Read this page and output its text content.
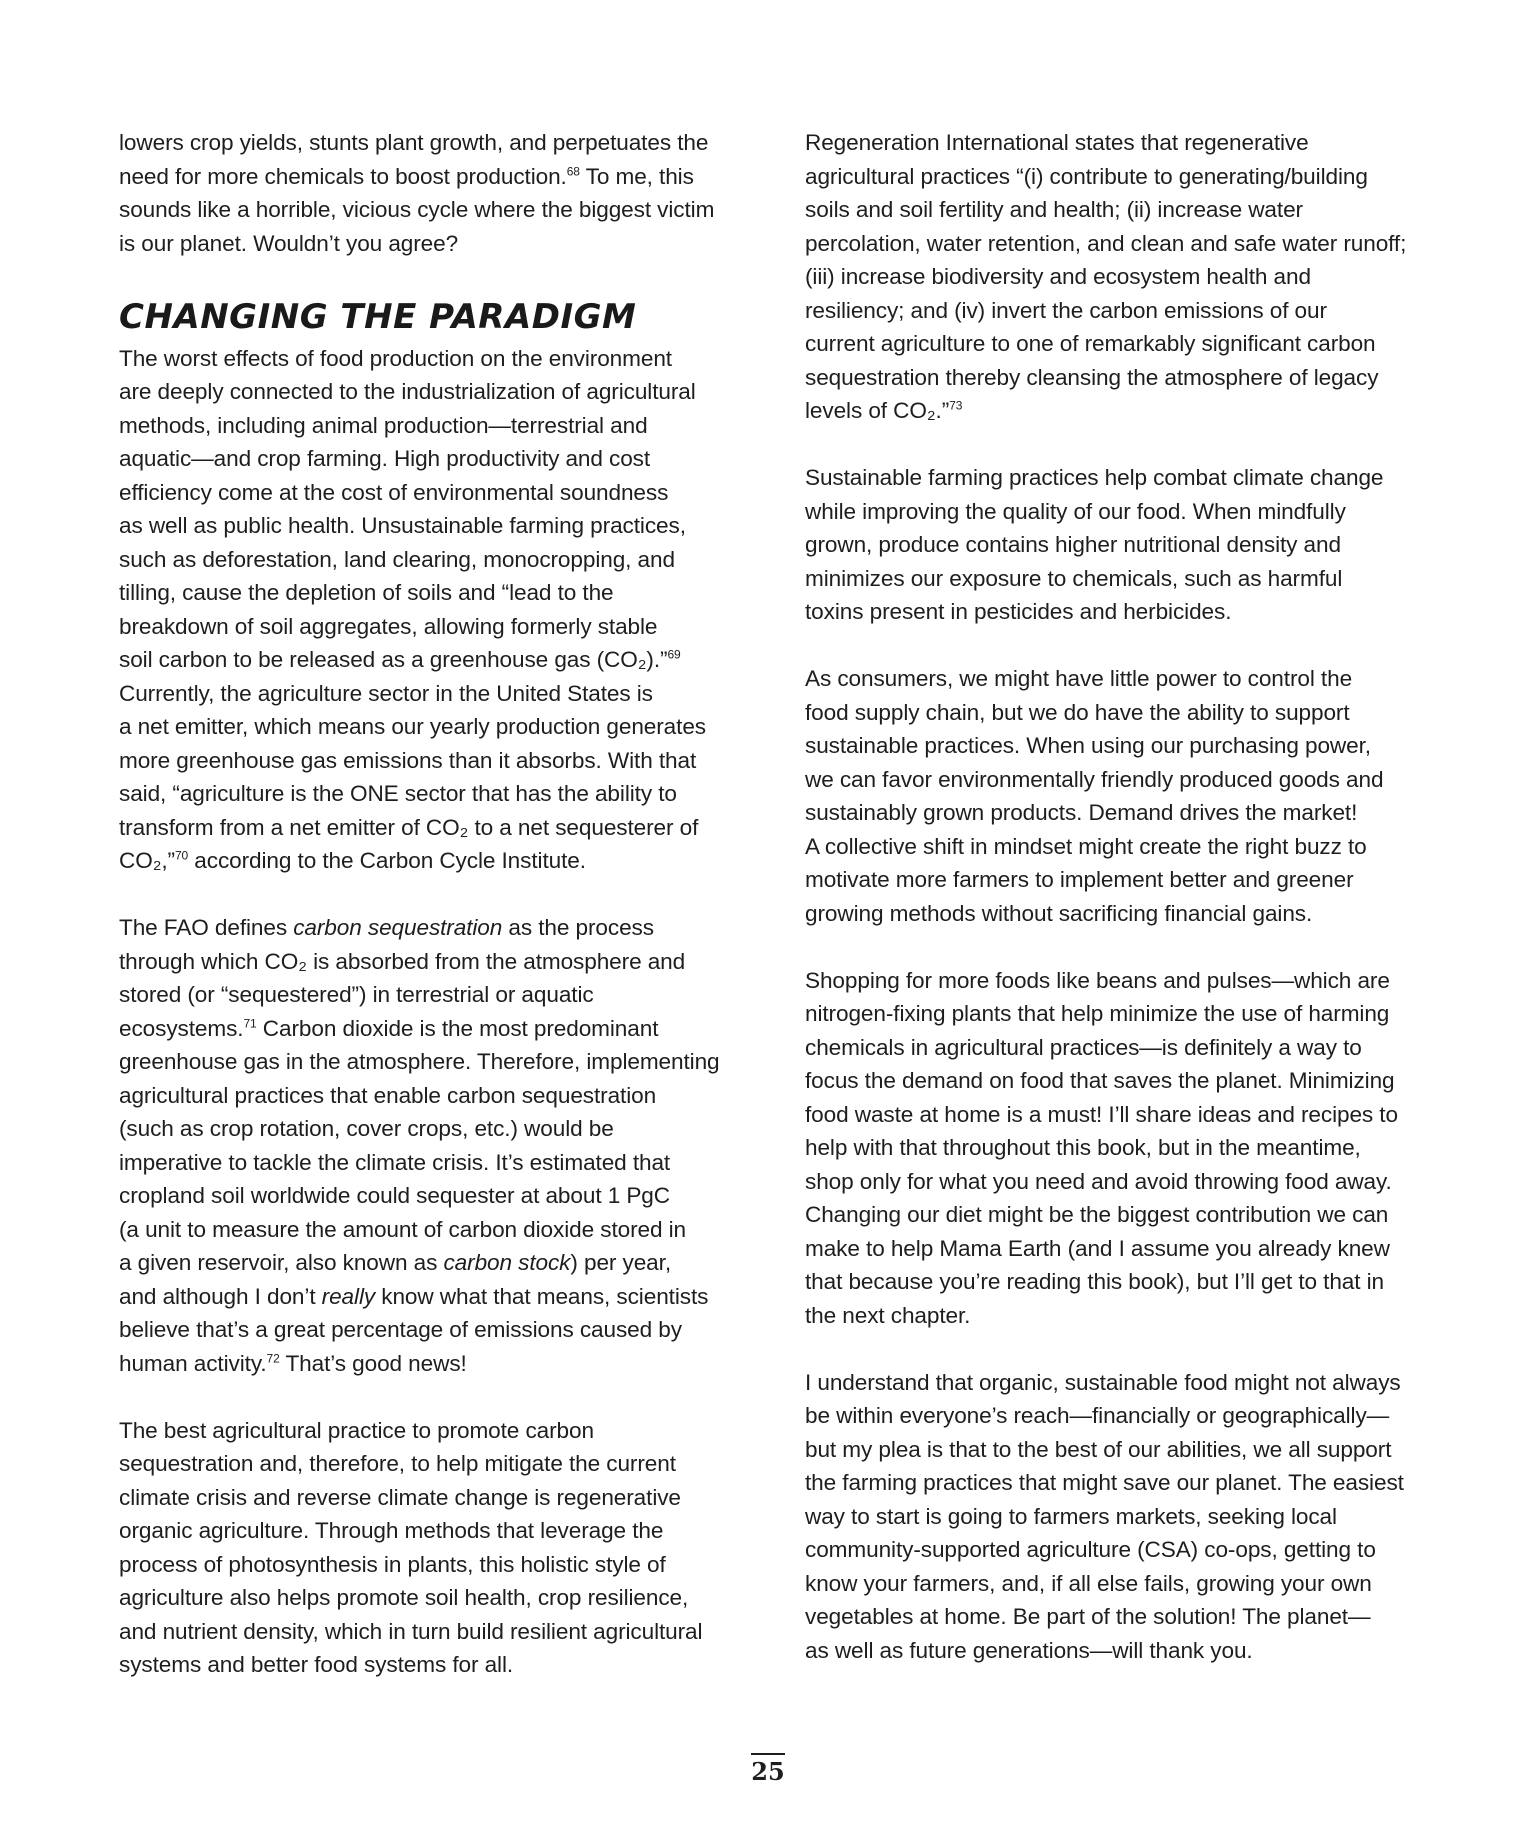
lowers crop yields, stunts plant growth, and perpetuates the
need for more chemicals to boost production.$^{68}$ To me, this
sounds like a horrible, vicious cycle where the biggest victim
is our planet. Wouldn’t you agree?

CHANGING THE PARADIGM

The worst effects of food production on the environment
are deeply connected to the industrialization of agricultural
methods, including animal production—terrestrial and
aquatic—and crop farming. High productivity and cost
efficiency come at the cost of environmental soundness
as well as public health. Unsustainable farming practices,
such as deforestation, land clearing, monocropping, and
tilling, cause the depletion of soils and “lead to the
breakdown of soil aggregates, allowing formerly stable
soil carbon to be released as a greenhouse gas (CO₂).”$^{69}$
Currently, the agriculture sector in the United States is
a net emitter, which means our yearly production generates
more greenhouse gas emissions than it absorbs. With that
said, “agriculture is the ONE sector that has the ability to
transform from a net emitter of CO₂ to a net sequesterer of
CO₂,”$^{70}$ according to the Carbon Cycle Institute.

The FAO defines carbon sequestration as the process
through which CO₂ is absorbed from the atmosphere and
stored (or “sequestered”) in terrestrial or aquatic
ecosystems.$^{71}$ Carbon dioxide is the most predominant
greenhouse gas in the atmosphere. Therefore, implementing
agricultural practices that enable carbon sequestration
(such as crop rotation, cover crops, etc.) would be
imperative to tackle the climate crisis. It’s estimated that
cropland soil worldwide could sequester at about 1 PgC
(a unit to measure the amount of carbon dioxide stored in
a given reservoir, also known as carbon stock) per year,
and although I don’t really know what that means, scientists
believe that’s a great percentage of emissions caused by
human activity.$^{72}$ That’s good news!

The best agricultural practice to promote carbon
sequestration and, therefore, to help mitigate the current
climate crisis and reverse climate change is regenerative
organic agriculture. Through methods that leverage the
process of photosynthesis in plants, this holistic style of
agriculture also helps promote soil health, crop resilience,
and nutrient density, which in turn build resilient agricultural
systems and better food systems for all.

Regeneration International states that regenerative
agricultural practices “(i) contribute to generating/building
soils and soil fertility and health; (ii) increase water
percolation, water retention, and clean and safe water runoff;
(iii) increase biodiversity and ecosystem health and
resiliency; and (iv) invert the carbon emissions of our
current agriculture to one of remarkably significant carbon
sequestration thereby cleansing the atmosphere of legacy
levels of CO₂.”$^{73}$

Sustainable farming practices help combat climate change
while improving the quality of our food. When mindfully
grown, produce contains higher nutritional density and
minimizes our exposure to chemicals, such as harmful
toxins present in pesticides and herbicides.

As consumers, we might have little power to control the
food supply chain, but we do have the ability to support
sustainable practices. When using our purchasing power,
we can favor environmentally friendly produced goods and
sustainably grown products. Demand drives the market!
A collective shift in mindset might create the right buzz to
motivate more farmers to implement better and greener
growing methods without sacrificing financial gains.

Shopping for more foods like beans and pulses—which are
nitrogen-fixing plants that help minimize the use of harming
chemicals in agricultural practices—is definitely a way to
focus the demand on food that saves the planet. Minimizing
food waste at home is a must! I’ll share ideas and recipes to
help with that throughout this book, but in the meantime,
shop only for what you need and avoid throwing food away.
Changing our diet might be the biggest contribution we can
make to help Mama Earth (and I assume you already knew
that because you’re reading this book), but I’ll get to that in
the next chapter.

I understand that organic, sustainable food might not always
be within everyone’s reach—financially or geographically—
but my plea is that to the best of our abilities, we all support
the farming practices that might save our planet. The easiest
way to start is going to farmers markets, seeking local
community-supported agriculture (CSA) co-ops, getting to
know your farmers, and, if all else fails, growing your own
vegetables at home. Be part of the solution! The planet—
as well as future generations—will thank you.

25
